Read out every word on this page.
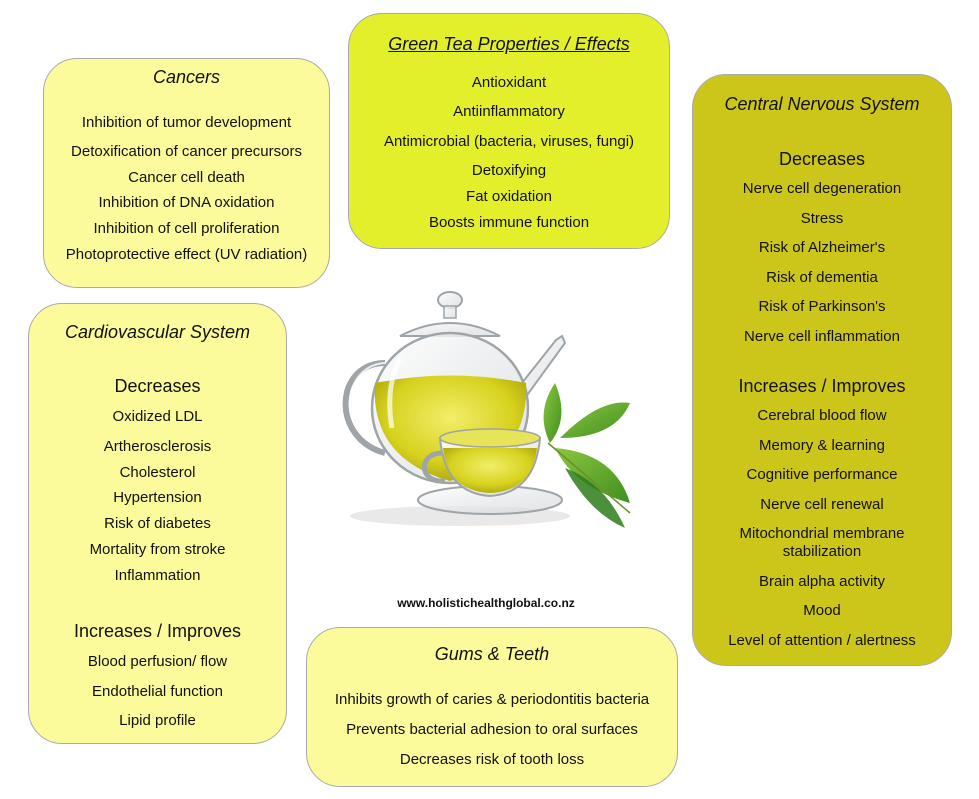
Green Tea Properties / Effects

Antioxidant

Antiinflammatory

Antimicrobial (bacteria, viruses, fungi)

Detoxifying

Fat oxidation

Boosts immune function

Cancers

Inhibition of tumor development

Detoxification of cancer precursors

Cancer cell death

Inhibition of DNA oxidation

Inhibition of cell proliferation

Photoprotective effect (UV radiation)

Cardiovascular System

Decreases

Oxidized LDL

Artherosclerosis

Cholesterol

Hypertension

Risk of diabetes

Mortality from stroke

Inflammation

Increases / Improves

Blood perfusion/ flow

Endothelial function

Lipid profile

Central Nervous System

Decreases

Nerve cell degeneration

Stress

Risk of Alzheimer's

Risk of dementia

Risk of Parkinson's

Nerve cell inflammation

Increases / Improves

Cerebral blood flow

Memory & learning

Cognitive performance

Nerve cell renewal

Mitochondrial membrane stabilization

Brain alpha activity

Mood

Level of attention / alertness

Gums & Teeth

Inhibits growth of caries & periodontitis bacteria

Prevents bacterial adhesion to oral surfaces

Decreases risk of tooth loss

www.holistichealthglobal.co.nz
